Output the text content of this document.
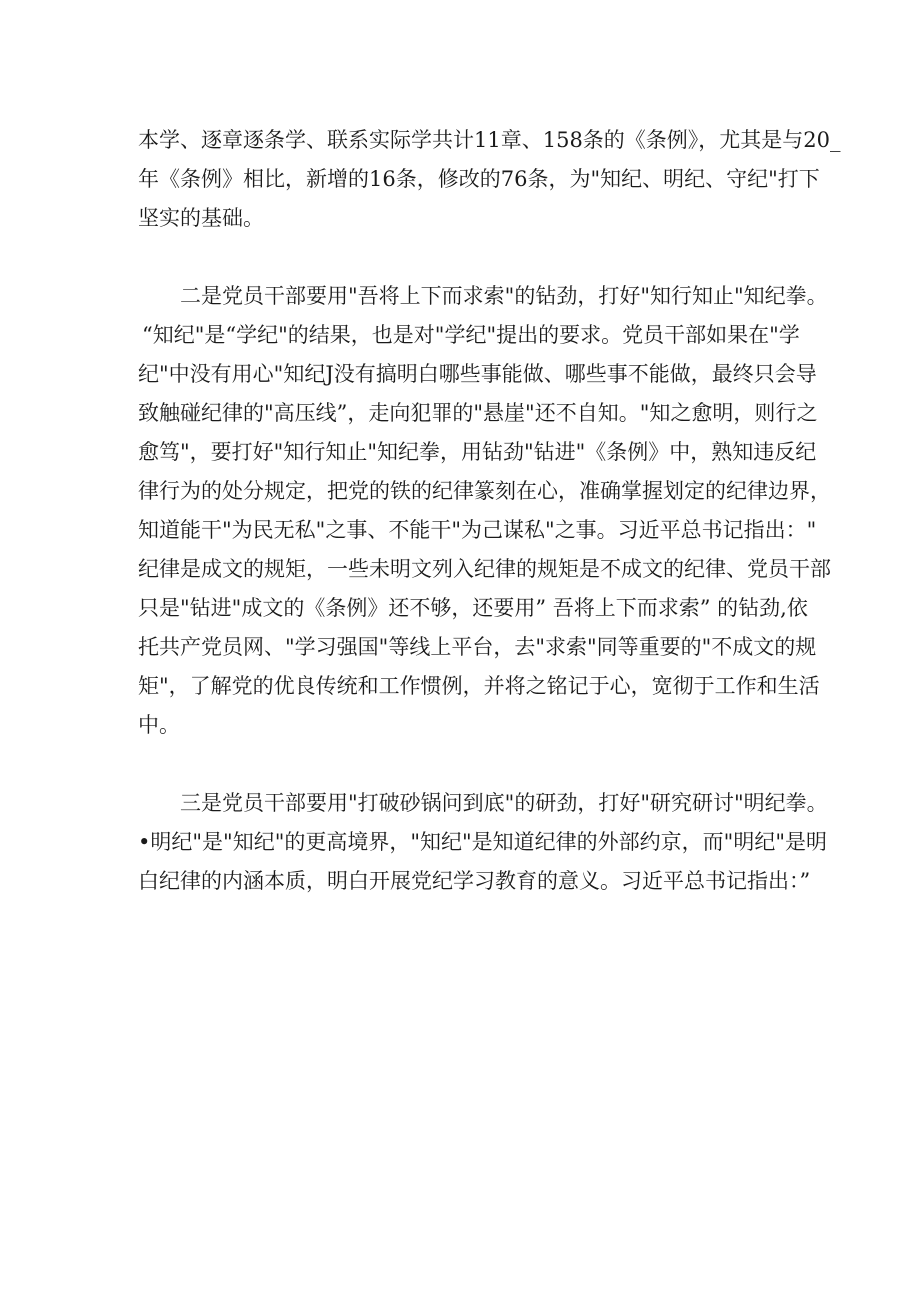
本学、逐章逐条学、联系实际学共计11章、158条的《条例》，尤其是与20_
年《条例》相比，新增的16条，修改的76条，为"知纪、明纪、守纪"打下
坚实的基础。
二是党员干部要用"吾将上下而求索"的钻劲，打好"知行知止"知纪拳。
“知纪"是“学纪"的结果，也是对"学纪"提出的要求。党员干部如果在"学
纪"中没有用心"知纪J没有搞明白哪些事能做、哪些事不能做，最终只会导
致触碰纪律的"高压线”，走向犯罪的"悬崖"还不自知。"知之愈明，则行之
愈笃"，要打好"知行知止"知纪拳，用钻劲"钻进"《条例》中，熟知违反纪
律行为的处分规定，把党的铁的纪律篆刻在心，准确掌握划定的纪律边界，
知道能干"为民无私"之事、不能干"为己谋私"之事。习近平总书记指出："
纪律是成文的规矩，一些未明文列入纪律的规矩是不成文的纪律、党员干部
只是"钻进"成文的《条例》还不够，还要用” 吾将上下而求索” 的钻劲,依
托共产党员网、"学习强国"等线上平台，去"求索"同等重要的"不成文的规
矩"，了解党的优良传统和工作惯例，并将之铭记于心，宽彻于工作和生活
中。
三是党员干部要用"打破砂锅问到底"的研劲，打好"研究研讨"明纪拳。
•明纪"是"知纪"的更高境界，"知纪"是知道纪律的外部约京，而"明纪"是明
白纪律的内涵本质，明白开展党纪学习教育的意义。习近平总书记指出：”
